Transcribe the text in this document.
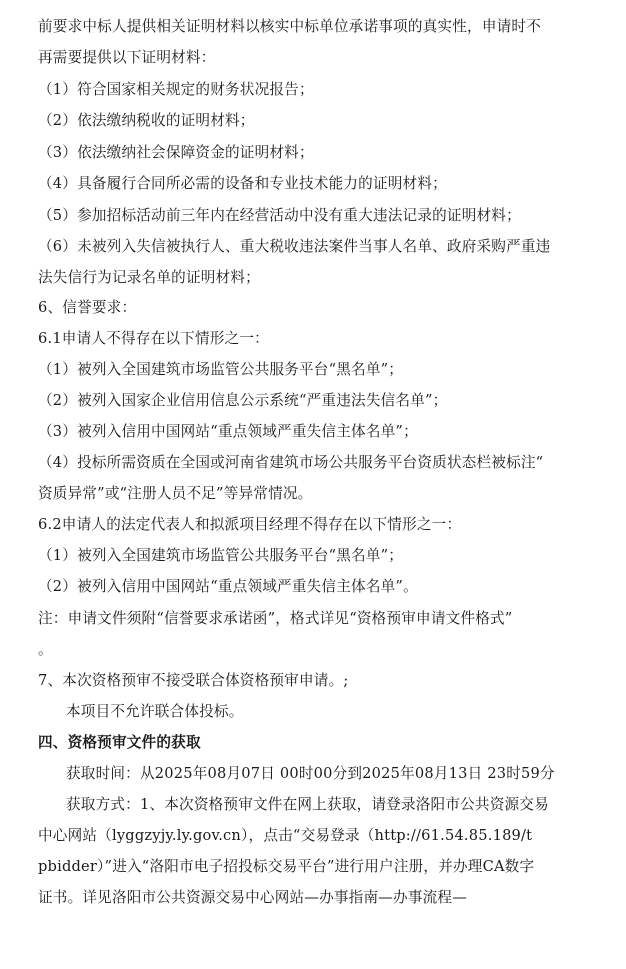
前要求中标人提供相关证明材料以核实中标单位承诺事项的真实性，申请时不
再需要提供以下证明材料：
（1）符合国家相关规定的财务状况报告；
（2）依法缴纳税收的证明材料；
（3）依法缴纳社会保障资金的证明材料；
（4）具备履行合同所必需的设备和专业技术能力的证明材料；
（5）参加招标活动前三年内在经营活动中没有重大违法记录的证明材料；
（6）未被列入失信被执行人、重大税收违法案件当事人名单、政府采购严重违
法失信行为记录名单的证明材料；
6、信誉要求：
6.1申请人不得存在以下情形之一：
（1）被列入全国建筑市场监管公共服务平台“黑名单”；
（2）被列入国家企业信用信息公示系统“严重违法失信名单”；
（3）被列入信用中国网站“重点领域严重失信主体名单”；
（4）投标所需资质在全国或河南省建筑市场公共服务平台资质状态栏被标注“
资质异常”或“注册人员不足”等异常情况。
6.2申请人的法定代表人和拟派项目经理不得存在以下情形之一：
（1）被列入全国建筑市场监管公共服务平台“黑名单”；
（2）被列入信用中国网站“重点领域严重失信主体名单”。
注：申请文件须附“信誉要求承诺函”，格式详见“资格预审申请文件格式”
。
7、本次资格预审不接受联合体资格预审申请。;
本项目不允许联合体投标。
四、资格预审文件的获取
获取时间：从2025年08月07日 00时00分到2025年08月13日 23时59分
获取方式：1、本次资格预审文件在网上获取，请登录洛阳市公共资源交易
中心网站（lyggzyjy.ly.gov.cn），点击“交易登录（http://61.54.85.189/t
pbidder）”进入“洛阳市电子招投标交易平台”进行用户注册，并办理CA数字
证书。详见洛阳市公共资源交易中心网站—办事指南—办事流程—
